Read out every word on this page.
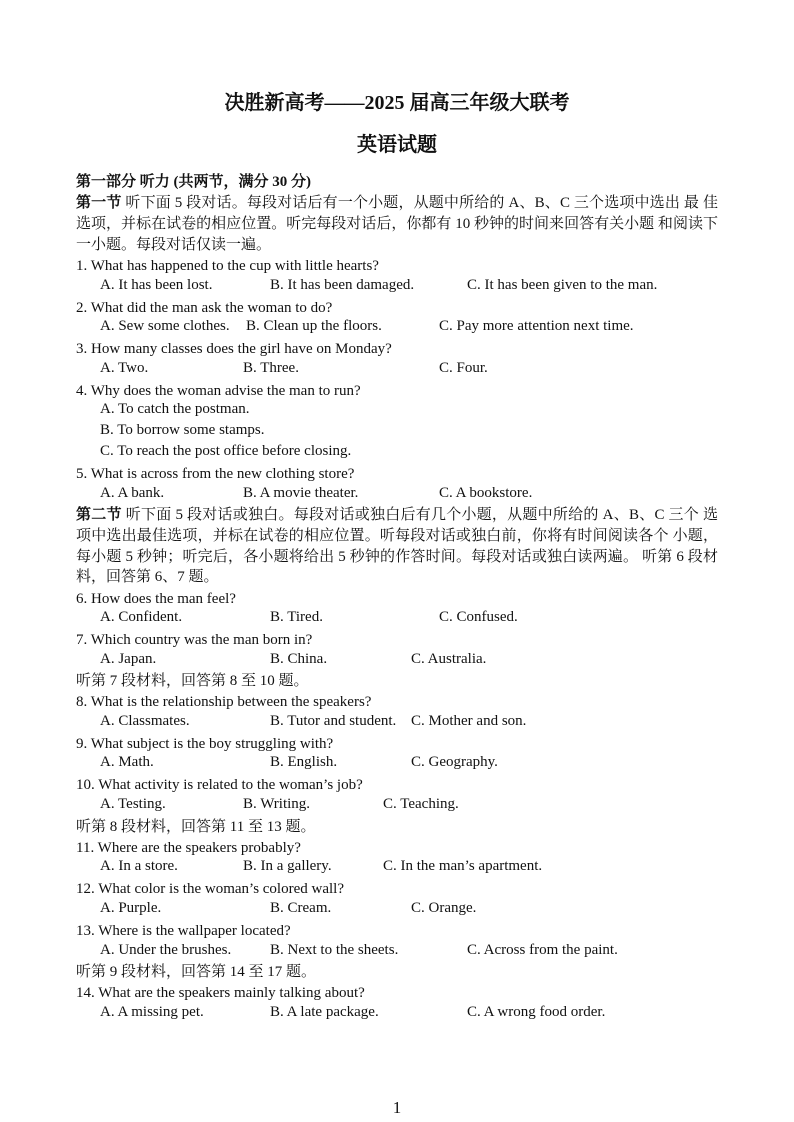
决胜新高考——2025 届高三年级大联考
英语试题
第一部分 听力 (共两节，满分 30 分)
第一节 听下面 5 段对话。每段对话后有一个小题，从题中所给的 A、B、C 三个选项中选出 最 佳选项，并标在试卷的相应位置。听完每段对话后，你都有 10 秒钟的时间来回答有关小题 和阅读下一小题。每段对话仅读一遍。
1. What has happened to the cup with little hearts?
A. It has been lost.	B. It has been damaged.	C. It has been given to the man.
2. What did the man ask the woman to do?
A. Sew some clothes. B. Clean up the floors.	C. Pay more attention next time.
3. How many classes does the girl have on Monday?
A. Two.	B. Three.	C. Four.
4. Why does the woman advise the man to run?
A. To catch the postman.
B. To borrow some stamps.
C. To reach the post office before closing.
5. What is across from the new clothing store?
A. A bank.	B. A movie theater.	C. A bookstore.
第二节 听下面 5 段对话或独白。每段对话或独白后有几个小题，从题中所给的 A、B、C 三个 选项中选出最佳选项，并标在试卷的相应位置。听每段对话或独白前，你将有时间阅读各个 小题，每小题 5 秒钟；听完后，各小题将给出 5 秒钟的作答时间。每段对话或独白读两遍。 听第 6 段材料，回答第 6、7 题。
6. How does the man feel?
A. Confident.	B. Tired.	C. Confused.
7. Which country was the man born in?
A. Japan.	B. China.	C. Australia.
听第 7 段材料，回答第 8 至 10 题。
8. What is the relationship between the speakers?
A. Classmates.	B. Tutor and student. C. Mother and son.
9. What subject is the boy struggling with?
A. Math.	B. English.	C. Geography.
10. What activity is related to the woman’s job?
A. Testing.	B. Writing.	C. Teaching.
听第 8 段材料，回答第 11 至 13 题。
11. Where are the speakers probably?
A. In a store.	B. In a gallery.	C. In the man’s apartment.
12. What color is the woman’s colored wall?
A. Purple.	B. Cream.	C. Orange.
13. Where is the wallpaper located?
A. Under the brushes.	B. Next to the sheets.	C. Across from the paint.
听第 9 段材料，回答第 14 至 17 题。
14. What are the speakers mainly talking about?
A. A missing pet.	B. A late package.	C. A wrong food order.
1
